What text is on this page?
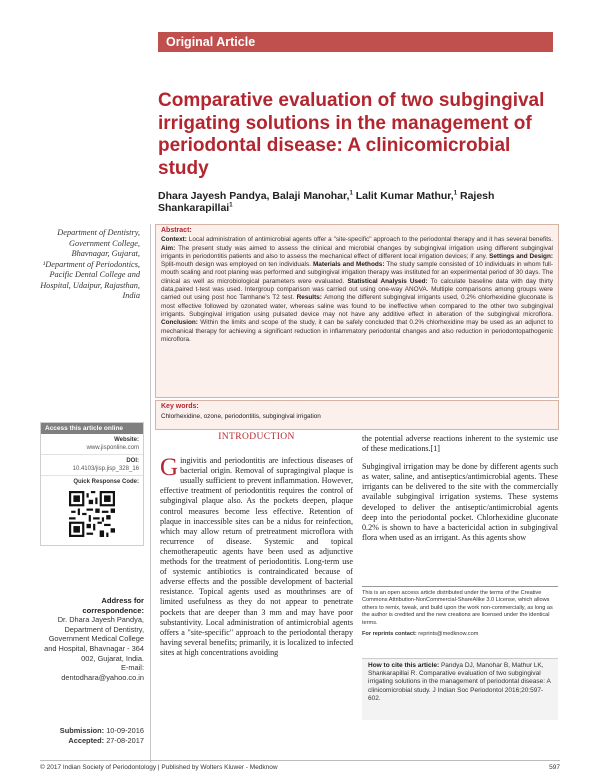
Original Article
Comparative evaluation of two subgingival irrigating solutions in the management of periodontal disease: A clinicomicrobial study
Dhara Jayesh Pandya, Balaji Manohar,$^1$ Lalit Kumar Mathur,$^1$ Rajesh Shankarapillai$^1$
Department of Dentistry, Government College, Bhavnagar, Gujarat, ¹Department of Periodontics, Pacific Dental College and Hospital, Udaipur, Rajasthan, India
Abstract:
Context: Local administration of antimicrobial agents offer a "site-specific" approach to the periodontal therapy and it has several benefits. Aim: The present study was aimed to assess the clinical and microbial changes by subgingival irrigation using different subgingival irrigants in periodontitis patients and also to assess the mechanical effect of different local irrigation devices; if any. Settings and Design: Split-mouth design was employed on ten individuals. Materials and Methods: The study sample consisted of 10 individuals in whom full-mouth scaling and root planing was performed and subgingival irrigation therapy was instituted for an experimental period of 30 days. The clinical as well as microbiological parameters were evaluated. Statistical Analysis Used: To calculate baseline data with day thirty data,paired t-test was used. Intergroup comparison was carried out using one-way ANOVA. Multiple comparisons among groups were carried out using post hoc Tamhane's T2 test. Results: Among the different subgingival irrigants used, 0.2% chlorhexidine gluconate is most effective followed by ozonated water, whereas saline was found to be ineffective when compared to the other two subgingival irrigants. Subgingival irrigation using pulsated device may not have any additive effect in alteration of the subgingival microflora. Conclusion: Within the limits and scope of the study, it can be safely concluded that 0.2% chlorhexidine may be used as an adjunct to mechanical therapy for achieving a significant reduction in inflammatory periodontal changes and also reduction in periodontopathogenic microflora.
Key words:
Chlorhexidine, ozone, periodontitis, subgingival irrigation
Access this article online
Website:
www.jisponline.com
DOI:
10.4103/jisp.jisp_328_16
Quick Response Code:
Address for correspondence:
Dr. Dhara Jayesh Pandya, Department of Dentistry, Government Medical College and Hospital, Bhavnagar - 364 002, Gujarat, India.
E-mail: dentodhara@yahoo.co.in
Submission: 10-09-2016
Accepted: 27-08-2017
INTRODUCTION
G ingivitis and periodontitis are infectious diseases of bacterial origin. Removal of supragingival plaque is usually sufficient to prevent inflammation. However, effective treatment of periodontitis requires the control of subgingival plaque also. As the pockets deepen, plaque control measures become less effective. Retention of plaque in inaccessible sites can be a nidus for reinfection, which may allow return of pretreatment microflora with recurrence of disease. Systemic and topical chemotherapeutic agents have been used as adjunctive methods for the treatment of periodontitis. Long-term use of systemic antibiotics is contraindicated because of adverse effects and the possible development of bacterial resistance. Topical agents used as mouthrinses are of limited usefulness as they do not appear to penetrate pockets that are deeper than 3 mm and may have poor substantivity. Local administration of antimicrobial agents offers a "site-specific" approach to the periodontal therapy having several benefits; primarily, it is localized to infected sites at high concentrations avoiding

the potential adverse reactions inherent to the systemic use of these medications.[1]

Subgingival irrigation may be done by different agents such as water, saline, and antiseptics/antimicrobial agents. These irrigants can be delivered to the site with the commercially available subgingival irrigation systems. These systems developed to deliver the antiseptic/antimicrobial agents deep into the periodontal pocket. Chlorhexidine gluconate 0.2% is shown to have a bactericidal action in subgingival flora when used as an irrigant. As this agents show

This is an open access article distributed under the terms of the Creative Commons Attribution-NonCommercial-ShareAlike 3.0 License, which allows others to remix, tweak, and build upon the work non-commercially, as long as the author is credited and the new creations are licensed under the identical terms.
For reprints contact: reprints@medknow.com
How to cite this article: Pandya DJ, Manohar B, Mathur LK, Shankarapillai R. Comparative evaluation of two subgingival irrigating solutions in the management of periodontal disease: A clinicomicrobial study. J Indian Soc Periodontol 2016;20:597-602.
© 2017 Indian Society of Periodontology | Published by Wolters Kluwer - Medknow	597
